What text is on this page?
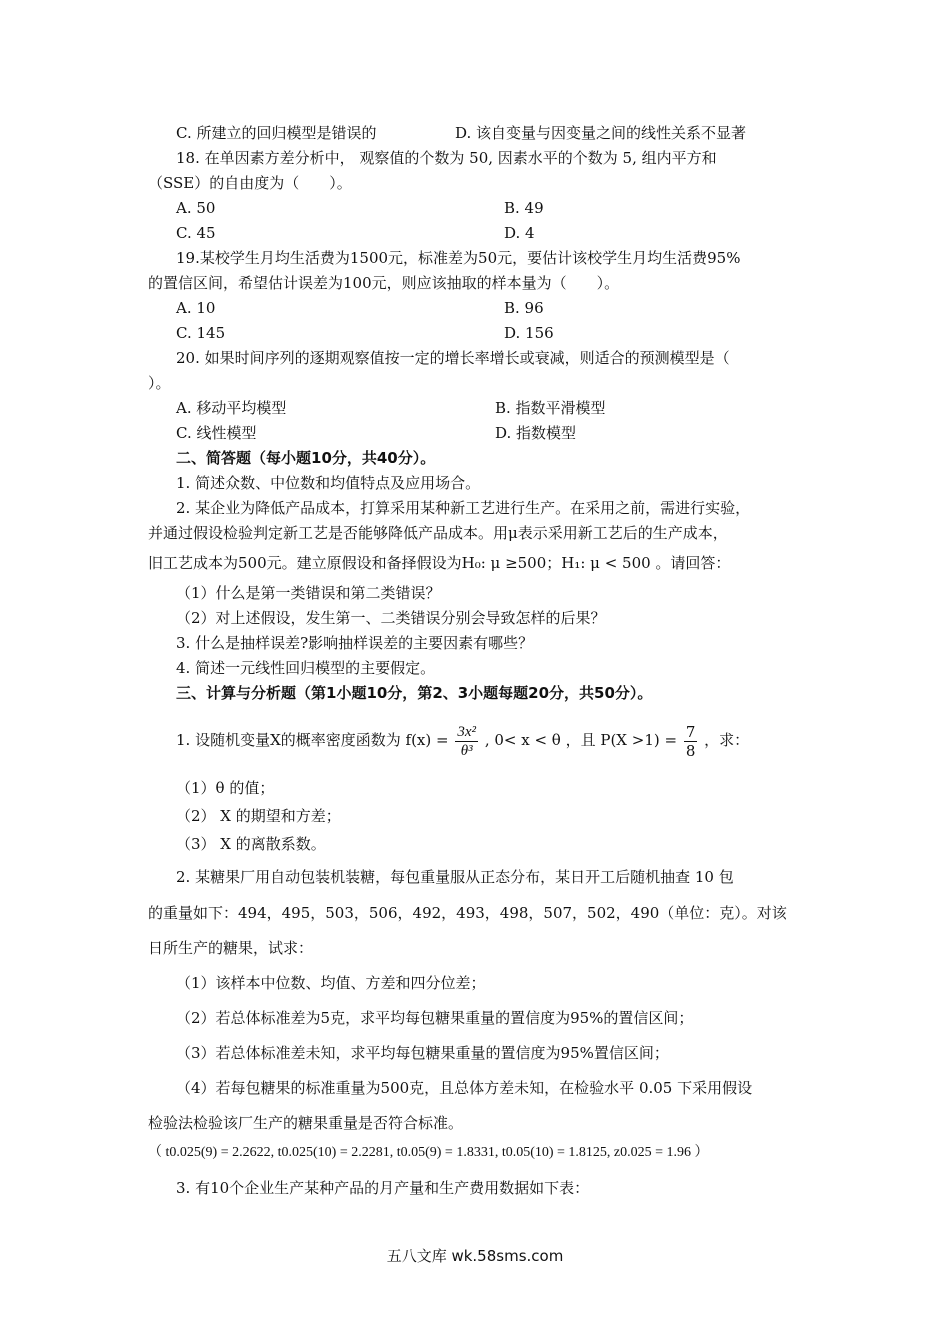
C. 所建立的回归模型是错误的	D. 该自变量与因变量之间的线性关系不显著
18. 在单因素方差分析中， 观察值的个数为 50, 因素水平的个数为 5, 组内平方和
（SSE）的自由度为（　　）。
A. 50	B. 49
C. 45	D. 4
19.某校学生月均生活费为1500元，标准差为50元，要估计该校学生月均生活费95%
的置信区间，希望估计误差为100元，则应该抽取的样本量为（　　）。
A. 10	B. 96
C. 145	D. 156
20. 如果时间序列的逐期观察值按一定的增长率增长或衰减，则适合的预测模型是（
）。
A. 移动平均模型	B. 指数平滑模型
C. 线性模型	D. 指数模型
二、简答题（每小题10分，共40分）。
1. 简述众数、中位数和均值特点及应用场合。
2. 某企业为降低产品成本，打算采用某种新工艺进行生产。在采用之前，需进行实验，
并通过假设检验判定新工艺是否能够降低产品成本。用μ表示采用新工艺后的生产成本，
旧工艺成本为500元。建立原假设和备择假设为H₀: μ ≥500；H₁: μ < 500 。请回答：
（1）什么是第一类错误和第二类错误？
（2）对上述假设，发生第一、二类错误分别会导致怎样的后果？
3. 什么是抽样误差?影响抽样误差的主要因素有哪些？
4. 简述一元线性回归模型的主要假定。
三、计算与分析题（第1小题10分，第2、3小题每题20分，共50分）。
1. 设随机变量X的概率密度函数为 $f(x) = \frac{\text{3x²}}{\text{θ³}}$ , 0< x < θ ，且 $P(X >1) = \frac{7}{8}$ ，求：
（1）θ 的值；
（2） X 的期望和方差；
（3） X 的离散系数。
2. 某糖果厂用自动包装机装糖，每包重量服从正态分布，某日开工后随机抽查 10 包
的重量如下：494，495，503，506，492，493，498，507，502，490（单位：克）。对该
日所生产的糖果，试求：
（1）该样本中位数、均值、方差和四分位差；
（2）若总体标准差为5克，求平均每包糖果重量的置信度为95%的置信区间；
（3）若总体标准差未知，求平均每包糖果重量的置信度为95%置信区间；
（4）若每包糖果的标准重量为500克，且总体方差未知，在检验水平 0.05 下采用假设
检验法检验该厂生产的糖果重量是否符合标准。
（ t0.025(9) = 2.2622, t0.025(10) = 2.2281, t0.05(9) = 1.8331, t0.05(10) = 1.8125, z0.025 = 1.96 ）
3. 有10个企业生产某种产品的月产量和生产费用数据如下表：
五八文库 wk.58sms.com
